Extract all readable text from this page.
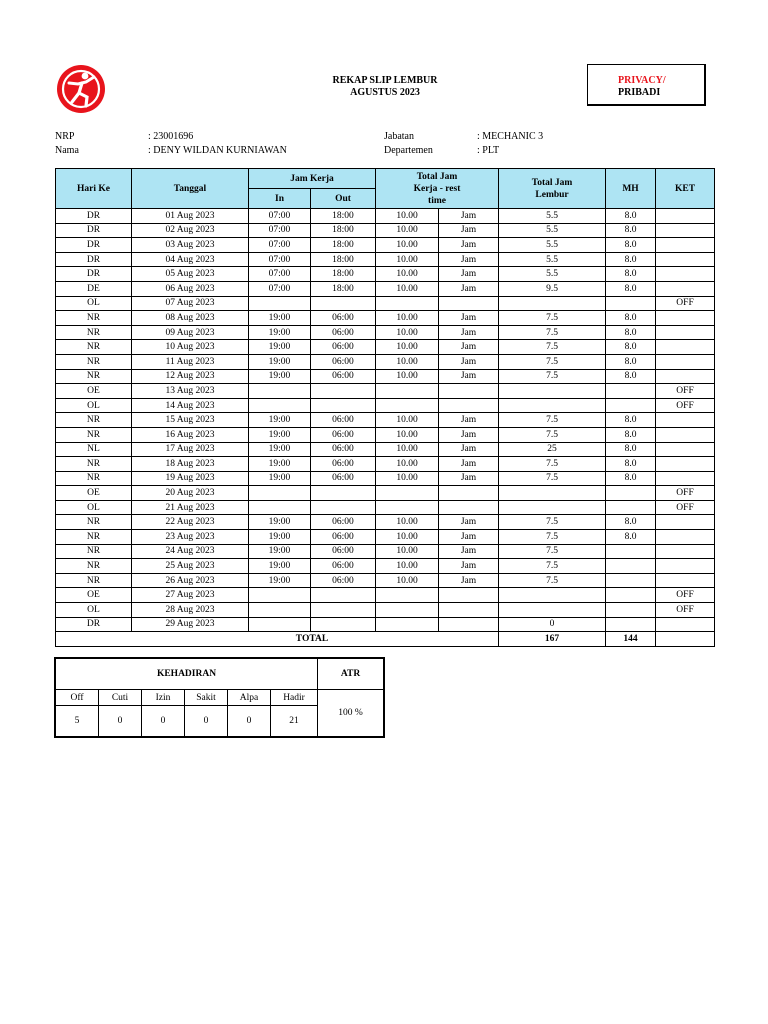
REKAP SLIP LEMBUR
AGUSTUS 2023
PRIVACY/
PRIBADI
NRP	: 23001696
Nama	: DENY WILDAN KURNIAWAN
Jabatan	: MECHANIC 3
Departemen	: PLT
Hari Ke	Tanggal	Jam Kerja		Total Jam Kerja - rest time		Total Jam Lembur	MH	KET
		In	Out					
DR	01 Aug 2023	07:00	18:00	10.00	Jam	5.5	8.0	
DR	02 Aug 2023	07:00	18:00	10.00	Jam	5.5	8.0	
DR	03 Aug 2023	07:00	18:00	10.00	Jam	5.5	8.0	
DR	04 Aug 2023	07:00	18:00	10.00	Jam	5.5	8.0	
DR	05 Aug 2023	07:00	18:00	10.00	Jam	5.5	8.0	
DE	06 Aug 2023	07:00	18:00	10.00	Jam	9.5	8.0	
OL	07 Aug 2023							OFF
NR	08 Aug 2023	19:00	06:00	10.00	Jam	7.5	8.0	
NR	09 Aug 2023	19:00	06:00	10.00	Jam	7.5	8.0	
NR	10 Aug 2023	19:00	06:00	10.00	Jam	7.5	8.0	
NR	11 Aug 2023	19:00	06:00	10.00	Jam	7.5	8.0	
NR	12 Aug 2023	19:00	06:00	10.00	Jam	7.5	8.0	
OE	13 Aug 2023							OFF
OL	14 Aug 2023							OFF
NR	15 Aug 2023	19:00	06:00	10.00	Jam	7.5	8.0	
NR	16 Aug 2023	19:00	06:00	10.00	Jam	7.5	8.0	
NL	17 Aug 2023	19:00	06:00	10.00	Jam	25	8.0	
NR	18 Aug 2023	19:00	06:00	10.00	Jam	7.5	8.0	
NR	19 Aug 2023	19:00	06:00	10.00	Jam	7.5	8.0	
OE	20 Aug 2023							OFF
OL	21 Aug 2023							OFF
NR	22 Aug 2023	19:00	06:00	10.00	Jam	7.5	8.0	
NR	23 Aug 2023	19:00	06:00	10.00	Jam	7.5	8.0	
NR	24 Aug 2023	19:00	06:00	10.00	Jam	7.5		
NR	25 Aug 2023	19:00	06:00	10.00	Jam	7.5		
NR	26 Aug 2023	19:00	06:00	10.00	Jam	7.5		
OE	27 Aug 2023							OFF
OL	28 Aug 2023							OFF
DR	29 Aug 2023					0		
		TOTAL				167	144	
KEHADIRAN						ATR
Off	Cuti	Izin	Sakit	Alpa	Hadir	100 %
5	0	0	0	0	21	
